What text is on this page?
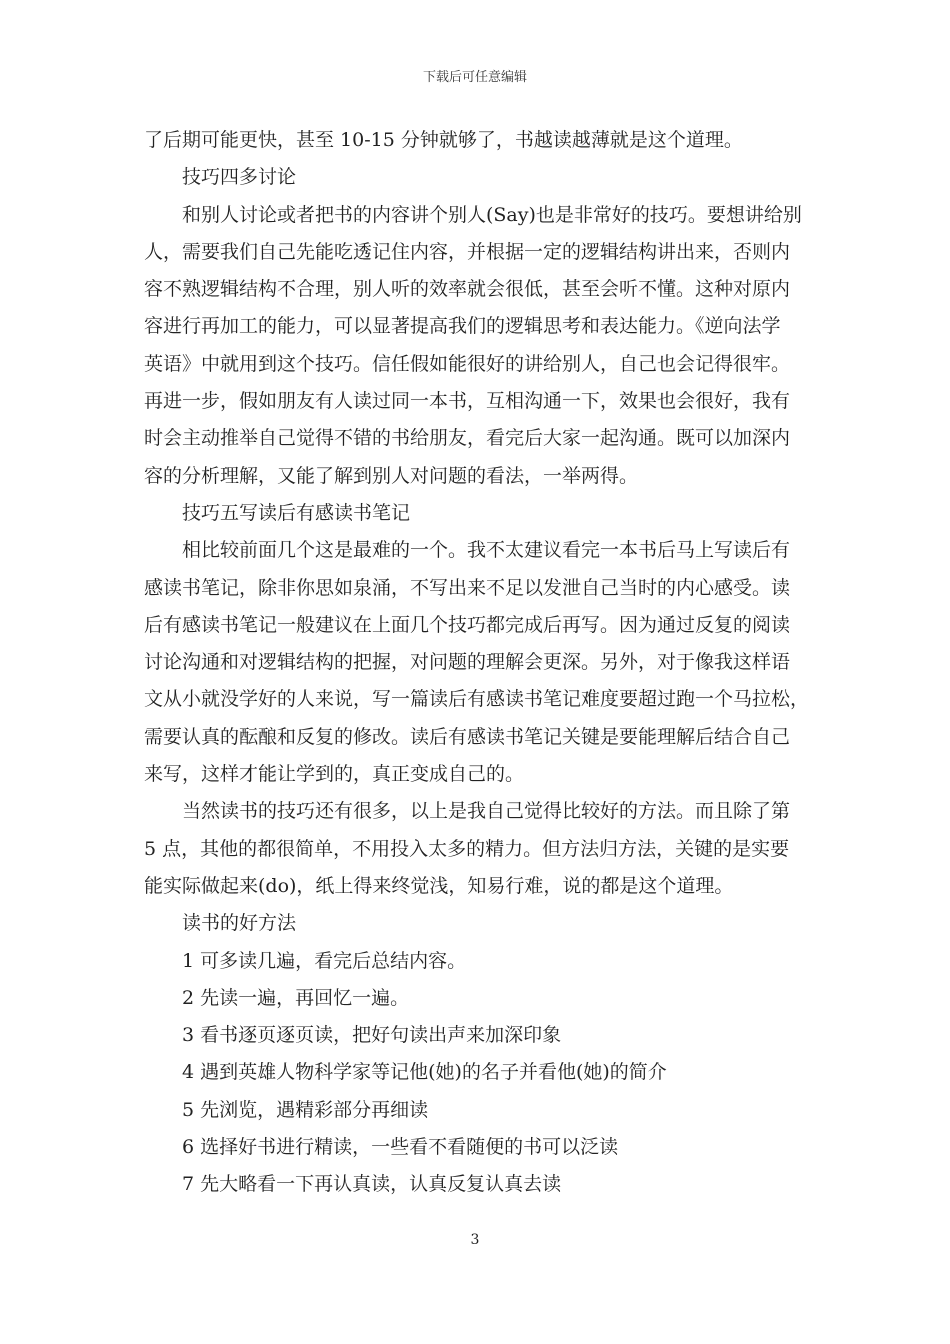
下载后可任意编辑
了后期可能更快，甚至 10-15 分钟就够了，书越读越薄就是这个道理。
技巧四多讨论
和别人讨论或者把书的内容讲个别人(Say)也是非常好的技巧。要想讲给别
人，需要我们自己先能吃透记住内容，并根据一定的逻辑结构讲出来，否则内
容不熟逻辑结构不合理，别人听的效率就会很低，甚至会听不懂。这种对原内
容进行再加工的能力，可以显著提高我们的逻辑思考和表达能力。《逆向法学
英语》中就用到这个技巧。信任假如能很好的讲给别人，自己也会记得很牢。
再进一步，假如朋友有人读过同一本书，互相沟通一下，效果也会很好，我有
时会主动推举自己觉得不错的书给朋友，看完后大家一起沟通。既可以加深内
容的分析理解，又能了解到别人对问题的看法，一举两得。
技巧五写读后有感读书笔记
相比较前面几个这是最难的一个。我不太建议看完一本书后马上写读后有
感读书笔记，除非你思如泉涌，不写出来不足以发泄自己当时的内心感受。读
后有感读书笔记一般建议在上面几个技巧都完成后再写。因为通过反复的阅读
讨论沟通和对逻辑结构的把握，对问题的理解会更深。另外，对于像我这样语
文从小就没学好的人来说，写一篇读后有感读书笔记难度要超过跑一个马拉松，
需要认真的酝酿和反复的修改。读后有感读书笔记关键是要能理解后结合自己
来写，这样才能让学到的，真正变成自己的。
当然读书的技巧还有很多，以上是我自己觉得比较好的方法。而且除了第
5 点，其他的都很简单，不用投入太多的精力。但方法归方法，关键的是实要
能实际做起来(do)，纸上得来终觉浅，知易行难，说的都是这个道理。
读书的好方法
1 可多读几遍，看完后总结内容。
2 先读一遍，再回忆一遍。
3 看书逐页逐页读，把好句读出声来加深印象
4 遇到英雄人物科学家等记他(她)的名子并看他(她)的简介
5 先浏览，遇精彩部分再细读
6 选择好书进行精读，一些看不看随便的书可以泛读
7 先大略看一下再认真读，认真反复认真去读
3
